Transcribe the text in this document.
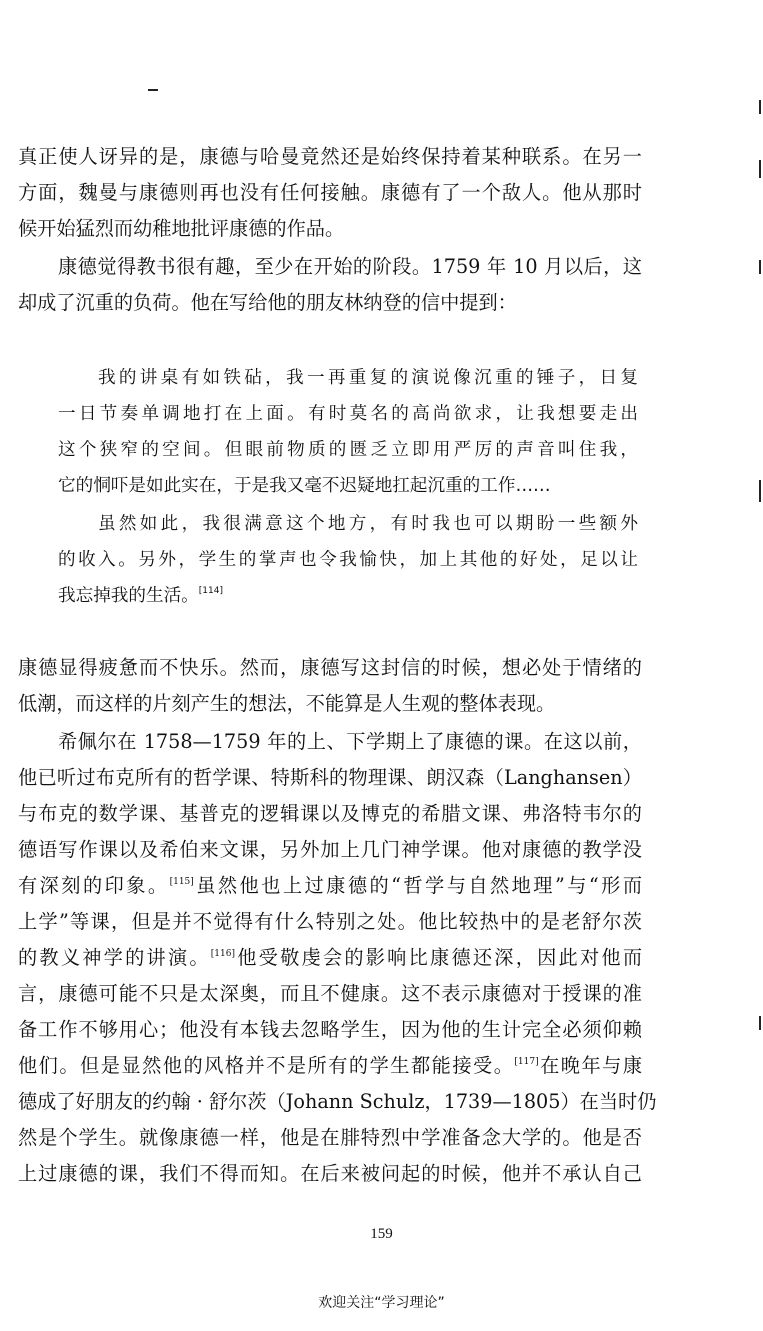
真正使人讶异的是，康德与哈曼竟然还是始终保持着某种联系。在另一
方面，魏曼与康德则再也没有任何接触。康德有了一个敌人。他从那时
候开始猛烈而幼稚地批评康德的作品。
康德觉得教书很有趣，至少在开始的阶段。1759 年 10 月以后，这
却成了沉重的负荷。他在写给他的朋友林纳登的信中提到：
我的讲桌有如铁砧，我一再重复的演说像沉重的锤子，日复
一日节奏单调地打在上面。有时莫名的高尚欲求，让我想要走出
这个狭窄的空间。但眼前物质的匮乏立即用严厉的声音叫住我，
它的恫吓是如此实在，于是我又毫不迟疑地扛起沉重的工作……
虽然如此，我很满意这个地方，有时我也可以期盼一些额外
的收入。另外，学生的掌声也令我愉快，加上其他的好处，足以让
我忘掉我的生活。[114]
康德显得疲惫而不快乐。然而，康德写这封信的时候，想必处于情绪的
低潮，而这样的片刻产生的想法，不能算是人生观的整体表现。
希佩尔在 1758—1759 年的上、下学期上了康德的课。在这以前，
他已听过布克所有的哲学课、特斯科的物理课、朗汉森（Langhansen）
与布克的数学课、基普克的逻辑课以及博克的希腊文课、弗洛特韦尔的
德语写作课以及希伯来文课，另外加上几门神学课。他对康德的教学没
有深刻的印象。[115]虽然他也上过康德的“哲学与自然地理”与“形而
上学”等课，但是并不觉得有什么特别之处。他比较热中的是老舒尔茨
的教义神学的讲演。[116]他受敬虔会的影响比康德还深，因此对他而
言，康德可能不只是太深奥，而且不健康。这不表示康德对于授课的准
备工作不够用心；他没有本钱去忽略学生，因为他的生计完全必须仰赖
他们。但是显然他的风格并不是所有的学生都能接受。[117]在晚年与康
德成了好朋友的约翰 · 舒尔茨（Johann Schulz，1739—1805）在当时仍
然是个学生。就像康德一样，他是在腓特烈中学准备念大学的。他是否
上过康德的课，我们不得而知。在后来被问起的时候，他并不承认自己
159
欢迎关注“学习理论”
